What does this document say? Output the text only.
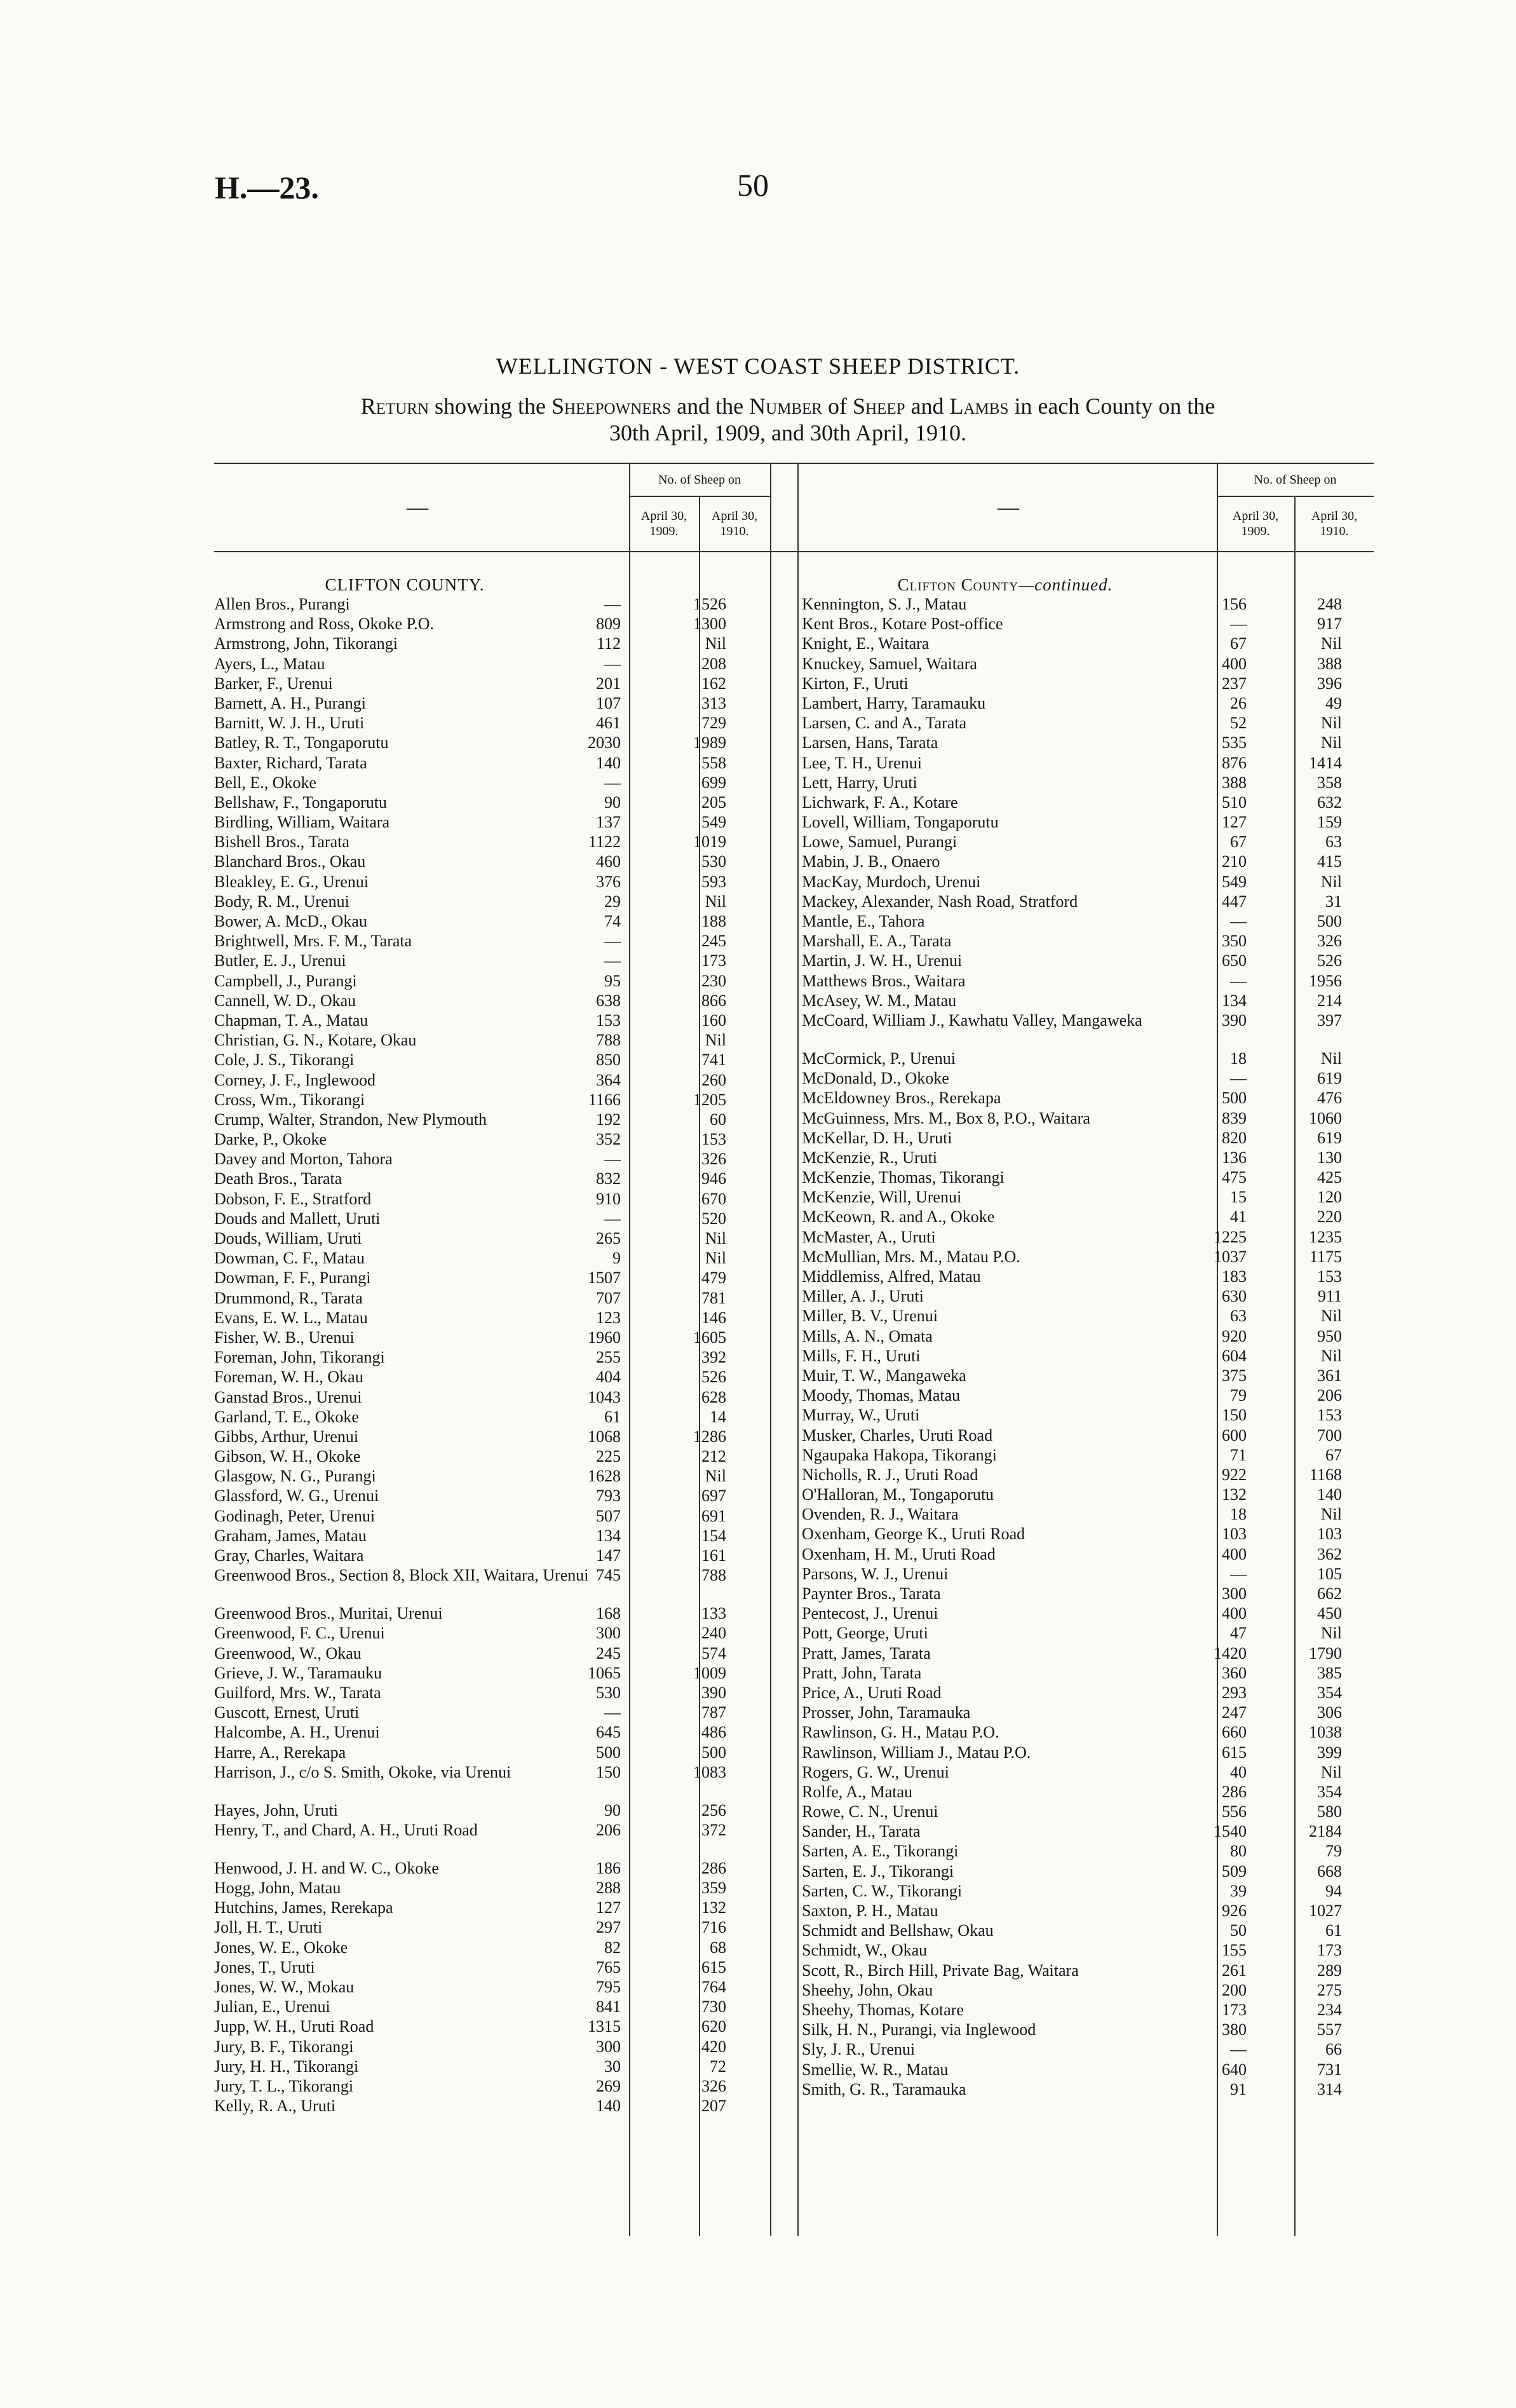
H.—23.	50
WELLINGTON - WEST COAST SHEEP DISTRICT.
Return showing the Sheepowners and the Number of Sheep and Lambs in each County on the
30th April, 1909, and 30th April, 1910.
—
No. of Sheep on
April 30, 1909.
April 30, 1910.
—
No. of Sheep on
April 30, 1909.
April 30, 1910.
CLIFTON COUNTY.
Allen Bros., Purangi	—	1526
Armstrong and Ross, Okoke P.O.	809	1300
Armstrong, John, Tikorangi	112	Nil
Ayers, L., Matau	—	208
Barker, F., Urenui	201	162
Barnett, A. H., Purangi	107	313
Barnitt, W. J. H., Uruti	461	729
Batley, R. T., Tongaporutu	2030	1989
Baxter, Richard, Tarata	140	558
Bell, E., Okoke	—	699
Bellshaw, F., Tongaporutu	90	205
Birdling, William, Waitara	137	549
Bishell Bros., Tarata	1122	1019
Blanchard Bros., Okau	460	530
Bleakley, E. G., Urenui	376	593
Body, R. M., Urenui	29	Nil
Bower, A. McD., Okau	74	188
Brightwell, Mrs. F. M., Tarata	—	245
Butler, E. J., Urenui	—	173
Campbell, J., Purangi	95	230
Cannell, W. D., Okau	638	866
Chapman, T. A., Matau	153	160
Christian, G. N., Kotare, Okau	788	Nil
Cole, J. S., Tikorangi	850	741
Corney, J. F., Inglewood	364	260
Cross, Wm., Tikorangi	1166	1205
Crump, Walter, Strandon, New Plymouth	192	60
Darke, P., Okoke	352	153
Davey and Morton, Tahora	—	326
Death Bros., Tarata	832	946
Dobson, F. E., Stratford	910	670
Douds and Mallett, Uruti	—	520
Douds, William, Uruti	265	Nil
Dowman, C. F., Matau	9	Nil
Dowman, F. F., Purangi	1507	479
Drummond, R., Tarata	707	781
Evans, E. W. L., Matau	123	146
Fisher, W. B., Urenui	1960	1605
Foreman, John, Tikorangi	255	392
Foreman, W. H., Okau	404	526
Ganstad Bros., Urenui	1043	628
Garland, T. E., Okoke	61	14
Gibbs, Arthur, Urenui	1068	1286
Gibson, W. H., Okoke	225	212
Glasgow, N. G., Purangi	1628	Nil
Glassford, W. G., Urenui	793	697
Godinagh, Peter, Urenui	507	691
Graham, James, Matau	134	154
Gray, Charles, Waitara	147	161
Greenwood Bros., Section 8, Block XII, Waitara, Urenui 745	788
Greenwood Bros., Muritai, Urenui	168	133
Greenwood, F. C., Urenui	300	240
Greenwood, W., Okau	245	574
Grieve, J. W., Taramauku	1065	1009
Guilford, Mrs. W., Tarata	530	390
Guscott, Ernest, Uruti	—	787
Halcombe, A. H., Urenui	645	486
Harre, A., Rerekapa	500	500
Harrison, J., c/o S. Smith, Okoke, via Urenui	150	1083
Hayes, John, Uruti	90	256
Henry, T., and Chard, A. H., Uruti Road	206	372
Henwood, J. H. and W. C., Okoke	186	286
Hogg, John, Matau	288	359
Hutchins, James, Rerekapa	127	132
Joll, H. T., Uruti	297	716
Jones, W. E., Okoke	82	68
Jones, T., Uruti	765	615
Jones, W. W., Mokau	795	764
Julian, E., Urenui	841	730
Jupp, W. H., Uruti Road	1315	620
Jury, B. F., Tikorangi	300	420
Jury, H. H., Tikorangi	30	72
Jury, T. L., Tikorangi	269	326
Kelly, R. A., Uruti	140	207
Clifton County—continued.
Kennington, S. J., Matau	156	248
Kent Bros., Kotare Post-office	—	917
Knight, E., Waitara	67	Nil
Knuckey, Samuel, Waitara	400	388
Kirton, F., Uruti	237	396
Lambert, Harry, Taramauku	26	49
Larsen, C. and A., Tarata	52	Nil
Larsen, Hans, Tarata	535	Nil
Lee, T. H., Urenui	876	1414
Lett, Harry, Uruti	388	358
Lichwark, F. A., Kotare	510	632
Lovell, William, Tongaporutu	127	159
Lowe, Samuel, Purangi	67	63
Mabin, J. B., Onaero	210	415
MacKay, Murdoch, Urenui	549	Nil
Mackey, Alexander, Nash Road, Stratford	447	31
Mantle, E., Tahora	—	500
Marshall, E. A., Tarata	350	326
Martin, J. W. H., Urenui	650	526
Matthews Bros., Waitara	—	1956
McAsey, W. M., Matau	134	214
McCoard, William J., Kawhatu Valley, Mangaweka	390	397
McCormick, P., Urenui	18	Nil
McDonald, D., Okoke	—	619
McEldowney Bros., Rerekapa	500	476
McGuinness, Mrs. M., Box 8, P.O., Waitara	839	1060
McKellar, D. H., Uruti	820	619
McKenzie, R., Uruti	136	130
McKenzie, Thomas, Tikorangi	475	425
McKenzie, Will, Urenui	15	120
McKeown, R. and A., Okoke	41	220
McMaster, A., Uruti	1225	1235
McMullian, Mrs. M., Matau P.O.	1037	1175
Middlemiss, Alfred, Matau	183	153
Miller, A. J., Uruti	630	911
Miller, B. V., Urenui	63	Nil
Mills, A. N., Omata	920	950
Mills, F. H., Uruti	604	Nil
Muir, T. W., Mangaweka	375	361
Moody, Thomas, Matau	79	206
Murray, W., Uruti	150	153
Musker, Charles, Uruti Road	600	700
Ngaupaka Hakopa, Tikorangi	71	67
Nicholls, R. J., Uruti Road	922	1168
O'Halloran, M., Tongaporutu	132	140
Ovenden, R. J., Waitara	18	Nil
Oxenham, George K., Uruti Road	103	103
Oxenham, H. M., Uruti Road	400	362
Parsons, W. J., Urenui	—	105
Paynter Bros., Tarata	300	662
Pentecost, J., Urenui	400	450
Pott, George, Uruti	47	Nil
Pratt, James, Tarata	1420	1790
Pratt, John, Tarata	360	385
Price, A., Uruti Road	293	354
Prosser, John, Taramauka	247	306
Rawlinson, G. H., Matau P.O.	660	1038
Rawlinson, William J., Matau P.O.	615	399
Rogers, G. W., Urenui	40	Nil
Rolfe, A., Matau	286	354
Rowe, C. N., Urenui	556	580
Sander, H., Tarata	1540	2184
Sarten, A. E., Tikorangi	80	79
Sarten, E. J., Tikorangi	509	668
Sarten, C. W., Tikorangi	39	94
Saxton, P. H., Matau	926	1027
Schmidt and Bellshaw, Okau	50	61
Schmidt, W., Okau	155	173
Scott, R., Birch Hill, Private Bag, Waitara	261	289
Sheehy, John, Okau	200	275
Sheehy, Thomas, Kotare	173	234
Silk, H. N., Purangi, via Inglewood	380	557
Sly, J. R., Urenui	—	66
Smellie, W. R., Matau	640	731
Smith, G. R., Taramauka	91	314
